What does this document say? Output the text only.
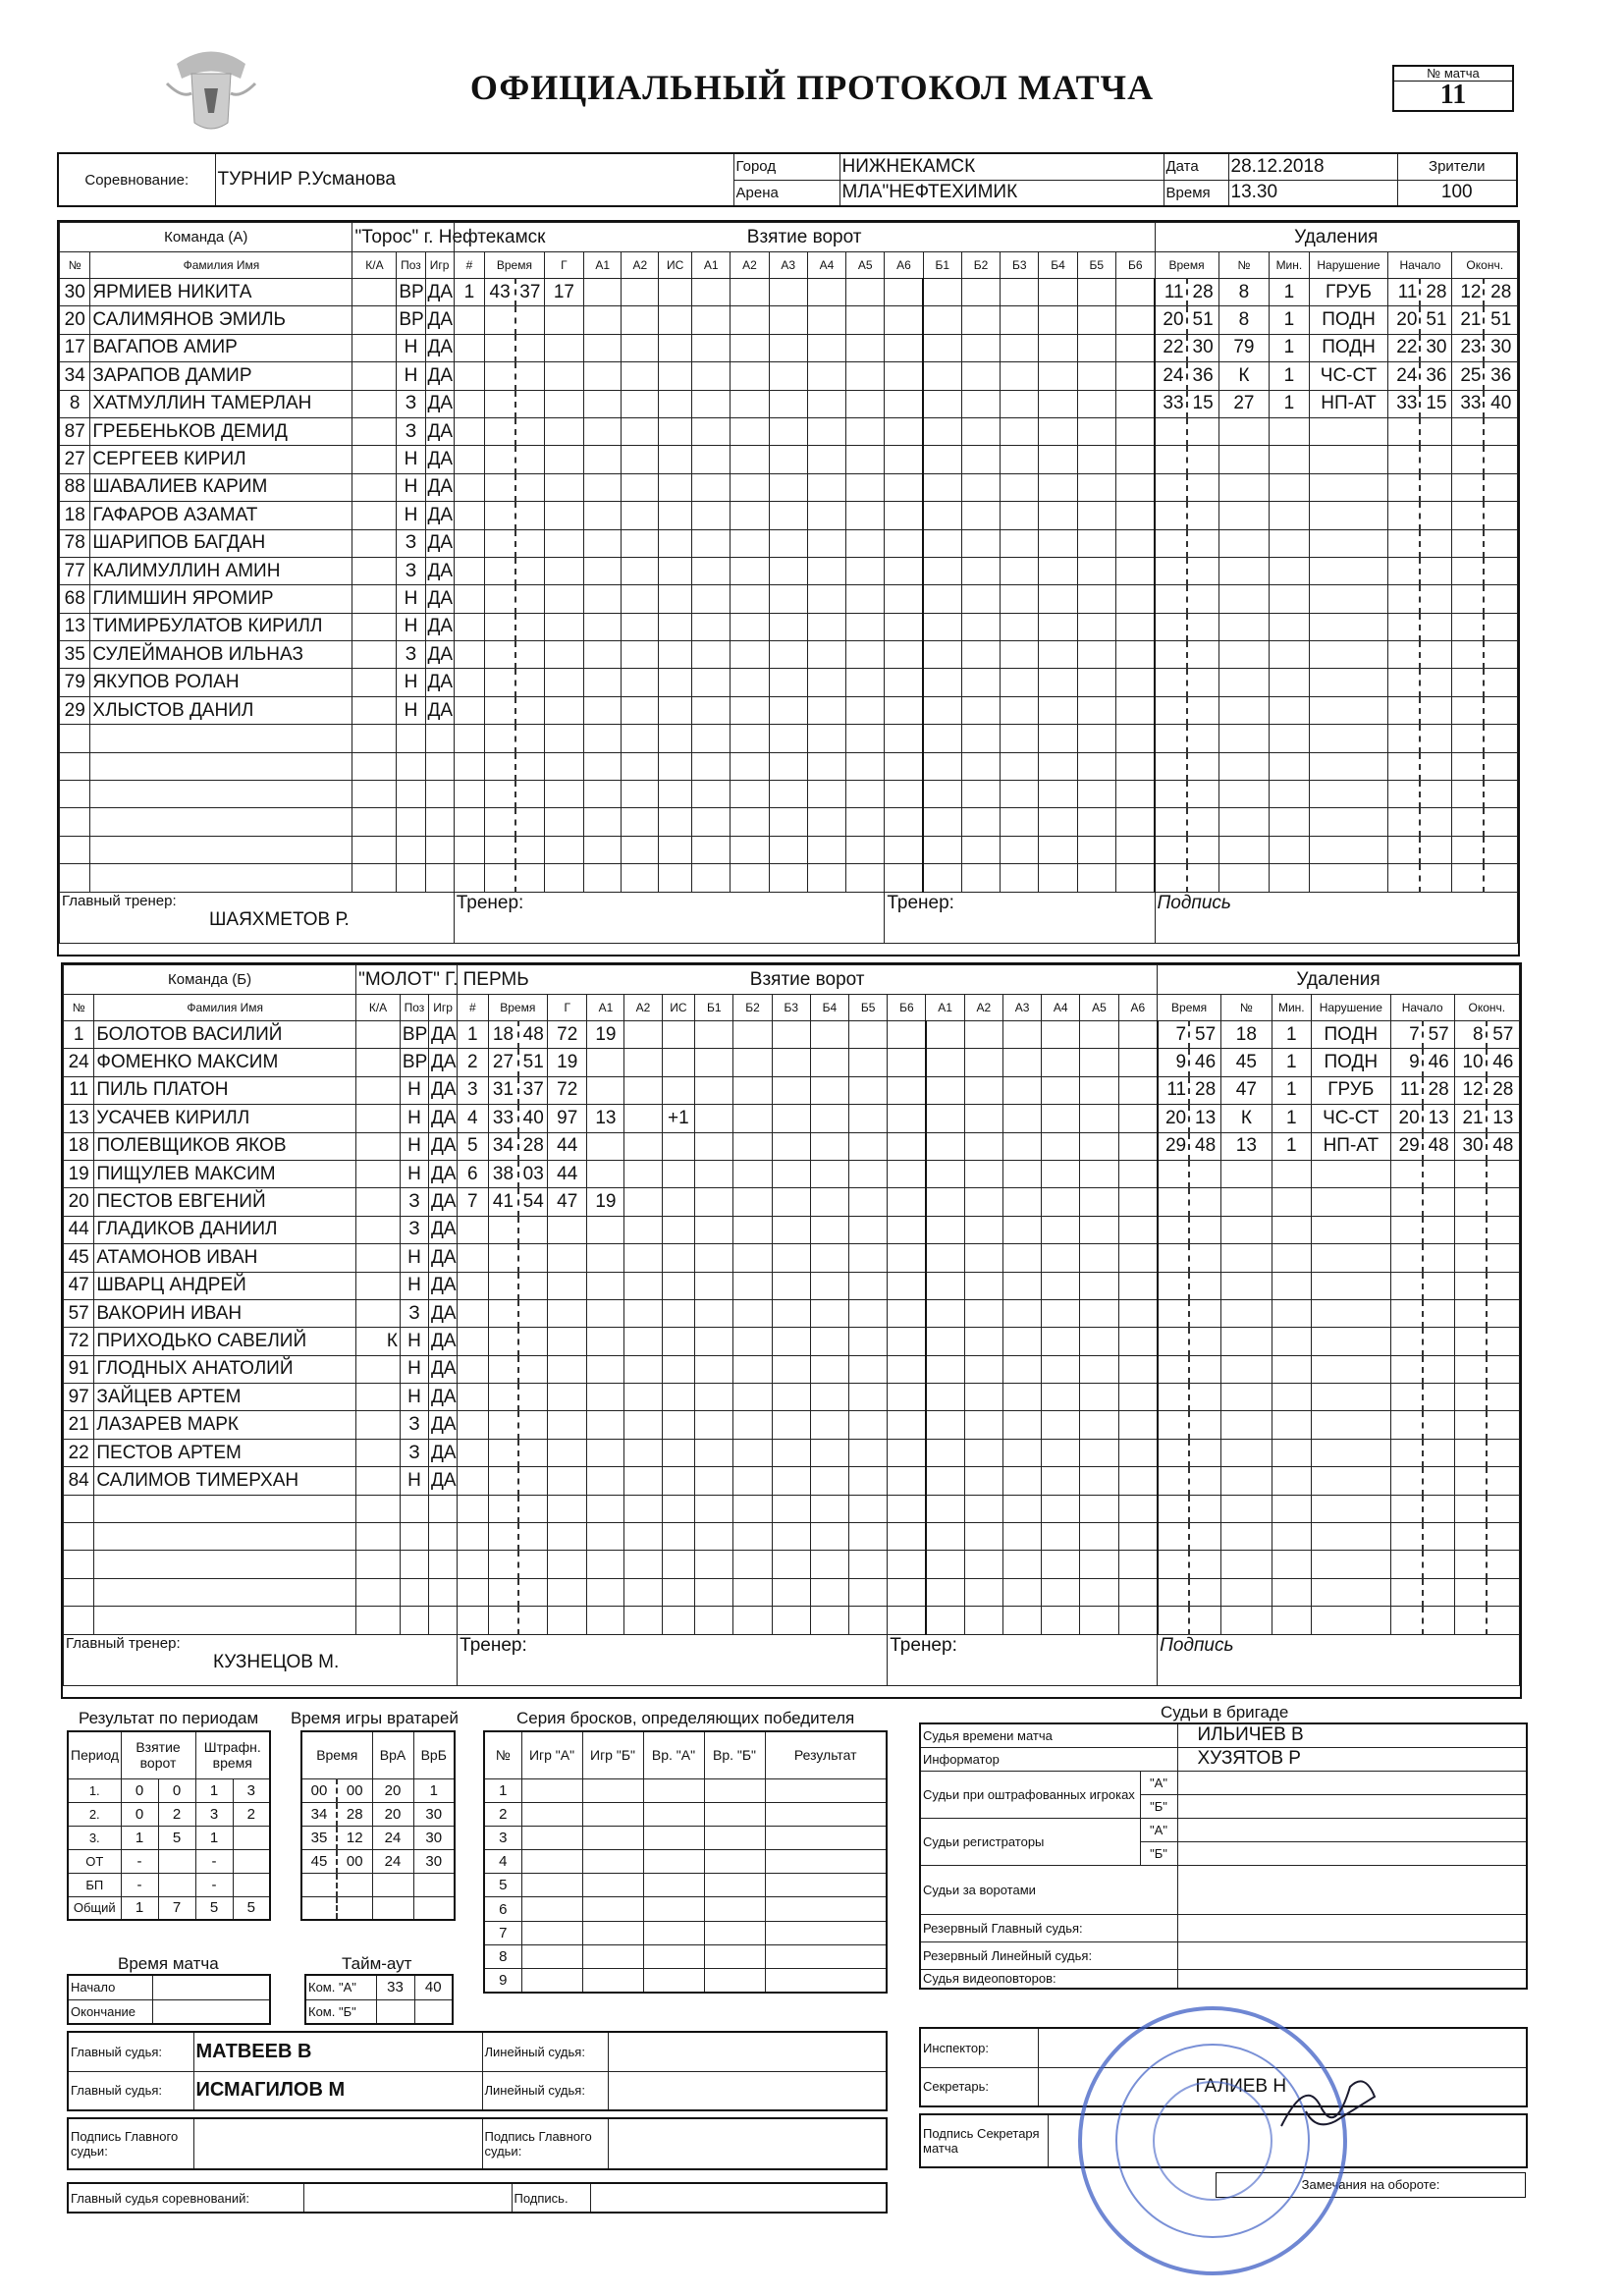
ОФИЦИАЛЬНЫЙ ПРОТОКОЛ МАТЧА	№ матча
11
Соревнование:	ТУРНИР Р.Усманова	Город	НИЖНЕКАМСК	Дата	28.12.2018	Зрители
		Арена	МЛА"НЕФТЕХИМИК	Время	13.30	100
Команда (А)		"Торос" г. Нефтекамск			Взятие ворот																			Удаления								
№	Фамилия Имя	К/А	Поз	Игр	#	Время		Г	А1	А2	ИС	А1	А2	А3	А4	А5	А6	Б1	Б2	Б3	Б4	Б5	Б6	Время		№	Мин.	Нарушение	Начало		Оконч.	
30	ЯРМИЕВ НИКИТА		ВР	ДА	1	43	37	17																11	28	8	1	ГРУБ	11	28	12	28
20	САЛИМЯНОВ ЭМИЛЬ		ВР	ДА																				20	51	8	1	ПОДН	20	51	21	51
17	ВАГАПОВ АМИР		Н	ДА																				22	30	79	1	ПОДН	22	30	23	30
34	ЗАРАПОВ ДАМИР		Н	ДА																				24	36	К	1	ЧС-СТ	24	36	25	36
8	ХАТМУЛЛИН ТАМЕРЛАН		З	ДА																				33	15	27	1	НП-АТ	33	15	33	40
87	ГРЕБЕНЬКОВ ДЕМИД		З	ДА																												
27	СЕРГЕЕВ КИРИЛ		Н	ДА																												
88	ШАВАЛИЕВ КАРИМ		Н	ДА																												
18	ГАФАРОВ АЗАМАТ		Н	ДА																												
78	ШАРИПОВ БАГДАН		З	ДА																												
77	КАЛИМУЛЛИН АМИН		З	ДА																												
68	ГЛИМШИН ЯРОМИР		Н	ДА																												
13	ТИМИРБУЛАТОВ КИРИЛЛ		Н	ДА																												
35	СУЛЕЙМАНОВ ИЛЬНАЗ		З	ДА																												
79	ЯКУПОВ РОЛАН		Н	ДА																												
29	ХЛЫСТОВ ДАНИЛ		Н	ДА																												

Главный тренер:
ШАЯХМЕТОВ Р.					Тренер:												Тренер:							Подпись								
Команда (Б)		"МОЛОТ" Г. ПЕРМЬ			Взятие ворот																			Удаления								
№	Фамилия Имя	К/А	Поз	Игр	#	Время		Г	А1	А2	ИС	Б1	Б2	Б3	Б4	Б5	Б6	А1	А2	А3	А4	А5	А6	Время		№	Мин.	Нарушение	Начало		Оконч.	
1	БОЛОТОВ ВАСИЛИЙ		ВР	ДА	1	18	48	72	19															7	57	18	1	ПОДН	7	57	8	57
24	ФОМЕНКО МАКСИМ		ВР	ДА	2	27	51	19																9	46	45	1	ПОДН	9	46	10	46
11	ПИЛЬ ПЛАТОН		Н	ДА	3	31	37	72																11	28	47	1	ГРУБ	11	28	12	28
13	УСАЧЕВ КИРИЛЛ		Н	ДА	4	33	40	97	13		+1													20	13	К	1	ЧС-СТ	20	13	21	13
18	ПОЛЕВЩИКОВ ЯКОВ		Н	ДА	5	34	28	44																29	48	13	1	НП-АТ	29	48	30	48
19	ПИЩУЛЕВ МАКСИМ		Н	ДА	6	38	03	44																								
20	ПЕСТОВ ЕВГЕНИЙ		З	ДА	7	41	54	47	19																							
44	ГЛАДИКОВ ДАНИИЛ		З	ДА																												
45	АТАМОНОВ ИВАН		Н	ДА																												
47	ШВАРЦ АНДРЕЙ		Н	ДА																												
57	ВАКОРИН ИВАН		З	ДА																												
72	ПРИХОДЬКО САВЕЛИЙ	К	Н	ДА																												
91	ГЛОДНЫХ АНАТОЛИЙ		Н	ДА																												
97	ЗАЙЦЕВ АРТЕМ		Н	ДА																												
21	ЛАЗАРЕВ МАРК		З	ДА																												
22	ПЕСТОВ АРТЕМ		З	ДА																												
84	САЛИМОВ ТИМЕРХАН		Н	ДА																												

Главный тренер:
КУЗНЕЦОВ М.					Тренер:												Тренер:							Подпись								
Результат по периодам
Период	Взятие ворот		Штрафн. время	
1.	0	0	1	3
2.	0	2	3	2
3.	1	5	1	
ОТ	-		-	
БП	-		-	
Общий	1	7	5	5
Время игры вратарей
Время		ВрА	ВрБ
00	00	20	1
34	28	20	30
35	12	24	30
45	00	24	30

Время матча
Начало	
Окончание	
Тайм-аут
Ком. "А"	33	40
Ком. "Б"		
Серия бросков, определяющих победителя
№	Игр "А"	Игр "Б"	Вр. "А"	Вр. "Б"	Результат
1					
2					
3					
4					
5					
6					
7					
8					
9					
Главный судья:	МАТВЕЕВ В	Линейный судья:	
Главный судья:	ИСМАГИЛОВ М	Линейный судья:	
Подпись Главного судьи:		Подпись Главного судьи:	
Главный судья соревнований:		Подпись.	
Судьи в бригаде
Судья времени матча		ИЛЬИЧЕВ В
Информатор		ХУЗЯТОВ Р
Судьи при оштрафованных игроках	"А"	
	"Б"	
Судьи регистраторы	"А"	
	"Б"	
Судьи за воротами		
Резервный Главный судья:		
Резервный Линейный судья:		
Судья видеоповторов:		
Инспектор:	
Секретарь:	ГАЛИЕВ Н
Подпись Секретаря матча	
Замечания на обороте:
